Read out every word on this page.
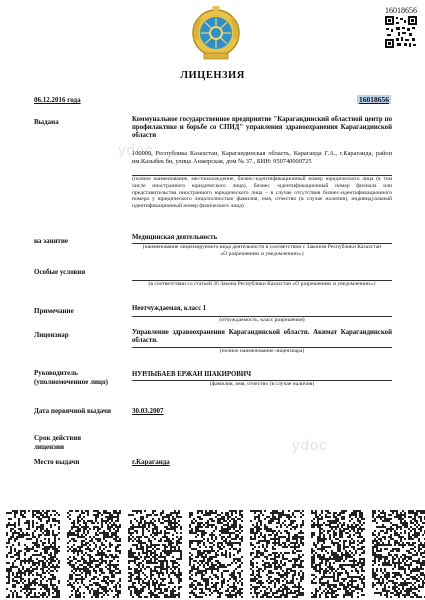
16018656
ЛИЦЕНЗИЯ
06.12.2016 года	16018656
ydoc
ydoc
Выдана	Коммунальное государственное предприятие "Карагандинский областной центр по профилактике и борьбе со СПИД" управления здравоохранения Карагандинской области
100009, Республика Казахстан, Карагандинская область, Караганда Г.А., г.Караганда, район им.Казыбек би, улица Анжерская, дом № 37., БИН: 950740000725
(полное наименование, местонахождение, бизнес-идентификационный номер юридического лица (в том числе иностранного юридического лица), бизнес -идентификационный номер филиала или представительства иностранного юридического лица – в случае отсутствия бизнес-идентификационного номера у юридического лица/полностью фамилия, имя, отчество (в случае наличия), индивидуальный идентификационный номер физического лица)
на занятие	Медицинская деятельность
(наименование лицензируемого вида деятельности в соответствии с Законом Республики Казахстан «О разрешениях и уведомлениях»)
Особые условия
(в соответствии со статьей 36 Закона Республики Казахстан «О разрешениях и уведомлениях»)
Примечание	Неотчуждаемая, класс 1
(отчуждаемость, класс разрешения)
Лицензиар	Управление здравоохранения Карагандинской области. Акимат Карагандинской области.
(полное наименование лицензиара)
Руководитель
(уполномоченное лицо)
НУРЛЫБАЕВ ЕРЖАН ШАКИРОВИЧ
(фамилия, имя, отчество (в случае наличия)
Дата первичной выдачи	30.03.2007
Срок действия
лицензии
Место выдачи	г.Караганда
